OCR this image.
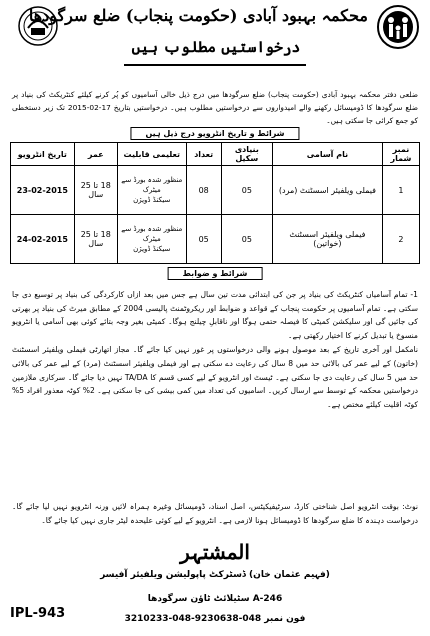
محکمہ بہبود آبادی (حکومت پنجاب) ضلع سرگودھا
درخواستیں مطلوب ہیں
ضلعی دفتر محکمہ بہبود آبادی (حکومت پنجاب) ضلع سرگودھا میں درج ذیل خالی آسامیوں کو پُر کرنے کیلئے کنٹریکٹ کی بنیاد پر ضلع سرگودھا کا ڈومیسائل رکھنے والے امیدواروں سے درخواستیں مطلوب ہیں۔ درخواستیں بتاریخ 17-02-2015 تک زیر دستخطی کو جمع کرائی جا سکتی ہیں۔
شرائط و تاریخ انٹرویو درج ذیل ہیں
نمبر شمار	نام آسامی	بنیادی سکیل	تعداد	تعلیمی قابلیت	عمر	تاریخ انٹرویو
1	فیملی ویلفیئر اسسٹنٹ (مرد)	05	08	منظور شدہ بورڈ سے میٹرک
سیکنڈ ڈویژن	18 تا 25 سال	23-02-2015
2	فیملی ویلفیئر اسسٹنٹ (خواتین)	05	05	منظور شدہ بورڈ سے میٹرک
سیکنڈ ڈویژن	18 تا 25 سال	24-02-2015
شرائط و ضوابط

1- تمام آسامیاں کنٹریکٹ کی بنیاد پر جن کی ابتدائی مدت تین سال ہے جس میں بعد ازاں کارکردگی کی بنیاد پر توسیع دی جا سکتی ہے۔ تمام آسامیوں پر حکومت پنجاب کے قواعد و ضوابط اور ریکروٹمنٹ پالیسی 2004 کے مطابق میرٹ کی بنیاد پر بھرتی کی جائیں گی اور سلیکشن کمیٹی کا فیصلہ حتمی ہوگا اور ناقابلِ چیلنج ہوگا۔ کمیٹی بغیر وجہ بتائے کوئی بھی آسامی یا انٹرویو منسوخ یا تبدیل کرنے کا اختیار رکھتی ہے۔

نامکمل اور آخری تاریخ کے بعد موصول ہونے والی درخواستوں پر غور نہیں کیا جائے گا۔ مجاز اتھارٹی فیملی ویلفیئر اسسٹنٹ (خاتون) کے لیے عمر کی بالائی حد میں 8 سال کی رعایت دے سکتی ہے اور فیملی ویلفیئر اسسٹنٹ (مرد) کے لیے عمر کی بالائی حد میں 5 سال کی رعایت دی جا سکتی ہے۔ ٹیسٹ اور انٹرویو کے لیے کسی قسم کا TA/DA نہیں دیا جائے گا۔ سرکاری ملازمین درخواستیں محکمہ کے توسط سے ارسال کریں۔ اسامیوں کی تعداد میں کمی بیشی کی جا سکتی ہے۔ 2% کوٹہ معذور افراد 5% کوٹہ اقلیت کیلئے مختص ہے۔

نوٹ: بوقت انٹرویو اصل شناختی کارڈ، سرٹیفیکیٹس، اصل اسناد، ڈومیسائل وغیرہ ہمراہ لائیں ورنہ انٹرویو نہیں لیا جائے گا۔ درخواست دہندہ کا ضلع سرگودھا کا ڈومیسائل ہونا لازمی ہے۔ انٹرویو کے لیے کوئی علیحدہ لیٹر جاری نہیں کیا جائے گا۔
المشتہر
(فہیم عثمان خان) ڈسٹرکٹ پاپولیشن ویلفیئر آفیسر
246-A سٹیلائٹ ٹاؤن سرگودھا
فون نمبر 048-9230638-048-3210233
IPL-943
